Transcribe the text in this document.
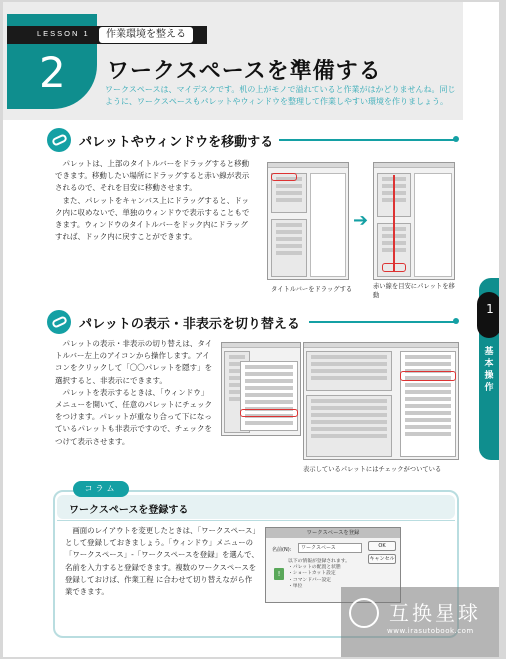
LESSON 1	作業環境を整える
2 ワークスペースを準備する
ワークスペースは、マイデスクです。机の上がモノで溢れていると作業がはかどりませんね。同じように、ワークスペースもパレットやウィンドウを整理して作業しやすい環境を作りましょう。
パレットやウィンドウを移動する

　パレットは、上部のタイトルバーをドラッグすると移動できます。移動したい場所にドラッグすると赤い線が表示されるので、それを目安に移動させます。

　また、パレットをキャンバス上にドラッグすると、ドック内に収めないで、単独のウィンドウで表示することもできます。ウィンドウのタイトルバーをドック内にドラッグすれば、ドック内に戻すことができます。

➔
タイトルバーをドラッグする	赤い線を目安にパレットを移動
パレットの表示・非表示を切り替える

　パレットの表示・非表示の切り替えは、タイトルバー左上のアイコンから操作します。アイコンをクリックして「〇〇パレットを隠す」を選択すると、非表示にできます。

　パレットを表示するときは、「ウィンドウ」メニューを開いて、任意のパレットにチェックをつけます。パレットが重なり合って下になっているパレットも非表示ですので、チェックをつけて表示させます。

表示しているパレットにはチェックがついている
コラム
ワークスペースを登録する
　画面のレイアウトを変更したときは、「ワークスペース」として登録しておきましょう。「ウィンドウ」メニューの「ワークスペース」-「ワークスペースを登録」を選んで、名前を入力すると登録できます。複数のワークスペースを登録しておけば、作業工程 に合わせて切り替えながら作業できます。
ワークスペースを登録
名前(N):	ワークスペース	OK
キャンセル
!
以下の情報が登録されます。
・パレットの配置と状態
・ショートカット設定
・コマンドバー設定
・単位
1
基本操作
互换星球
www.irasutobook.com
